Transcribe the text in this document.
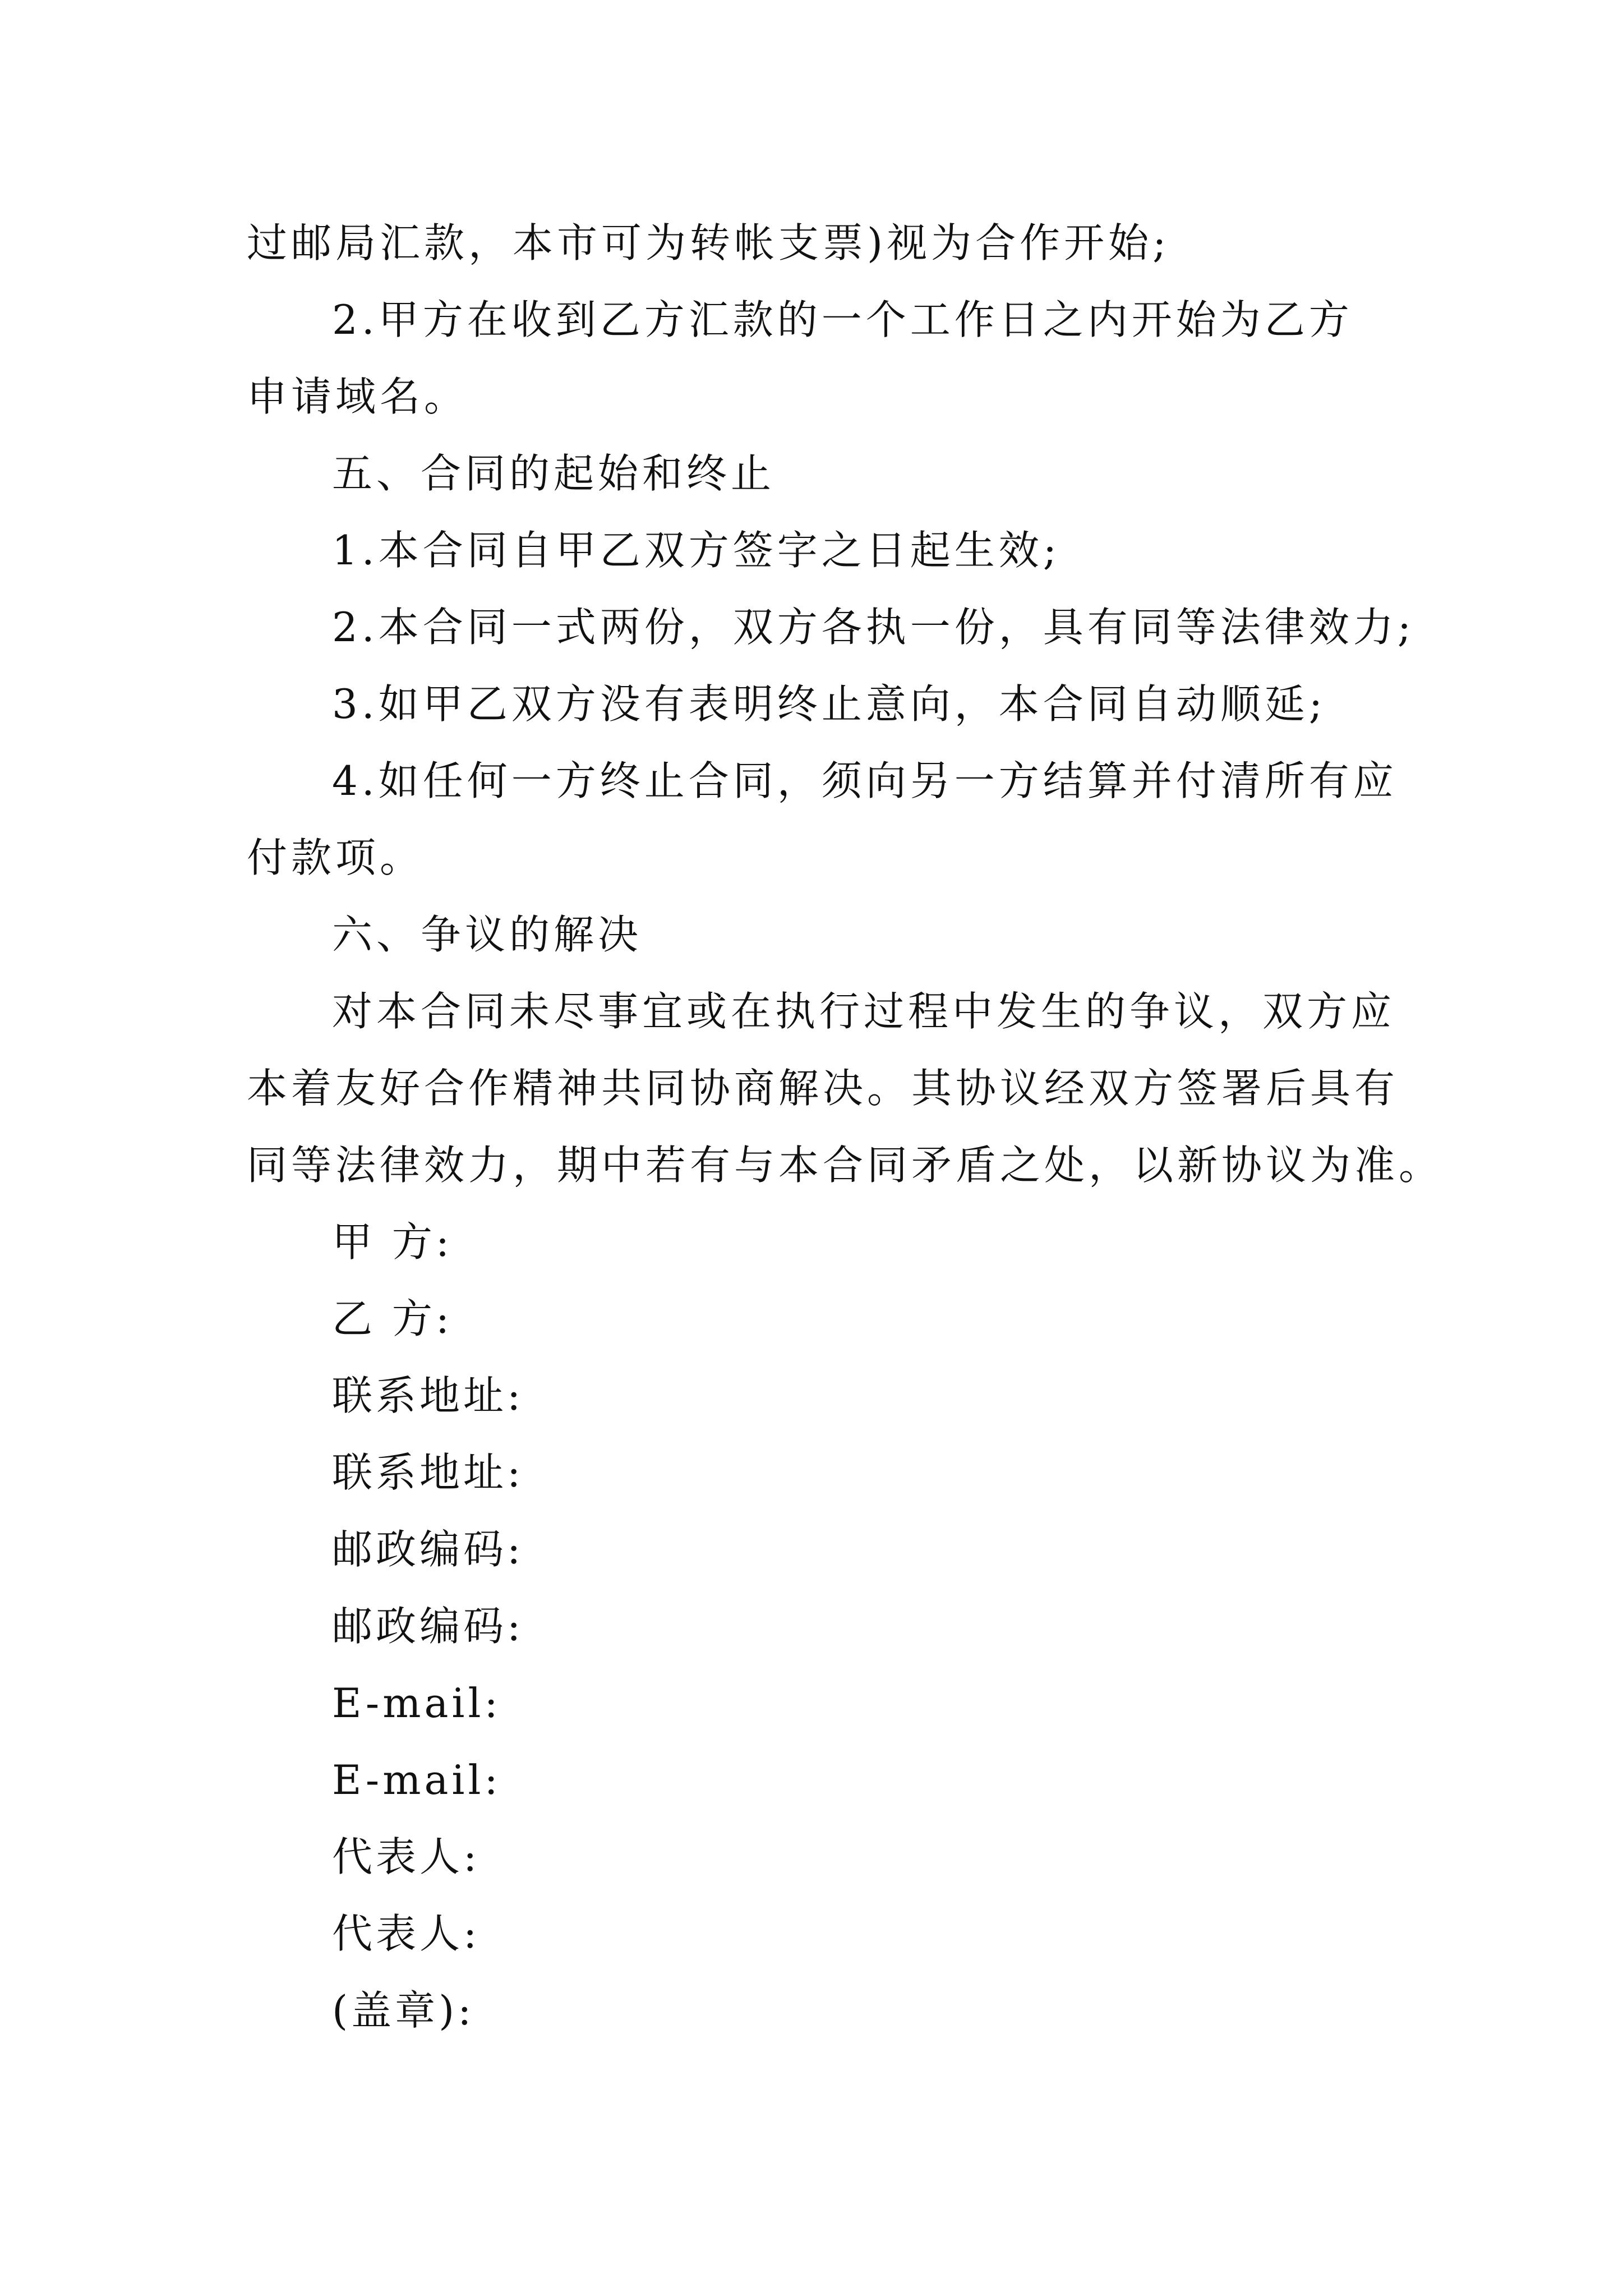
过邮局汇款，本市可为转帐支票)视为合作开始;
2.甲方在收到乙方汇款的一个工作日之内开始为乙方
申请域名。
五、合同的起始和终止
1.本合同自甲乙双方签字之日起生效;
2.本合同一式两份，双方各执一份，具有同等法律效力;
3.如甲乙双方没有表明终止意向，本合同自动顺延;
4.如任何一方终止合同，须向另一方结算并付清所有应
付款项。
六、争议的解决
对本合同未尽事宜或在执行过程中发生的争议，双方应
本着友好合作精神共同协商解决。其协议经双方签署后具有
同等法律效力，期中若有与本合同矛盾之处，以新协议为准。
甲 方:
乙 方:
联系地址:
联系地址:
邮政编码:
邮政编码:
E-mail:
E-mail:
代表人:
代表人:
(盖章):
